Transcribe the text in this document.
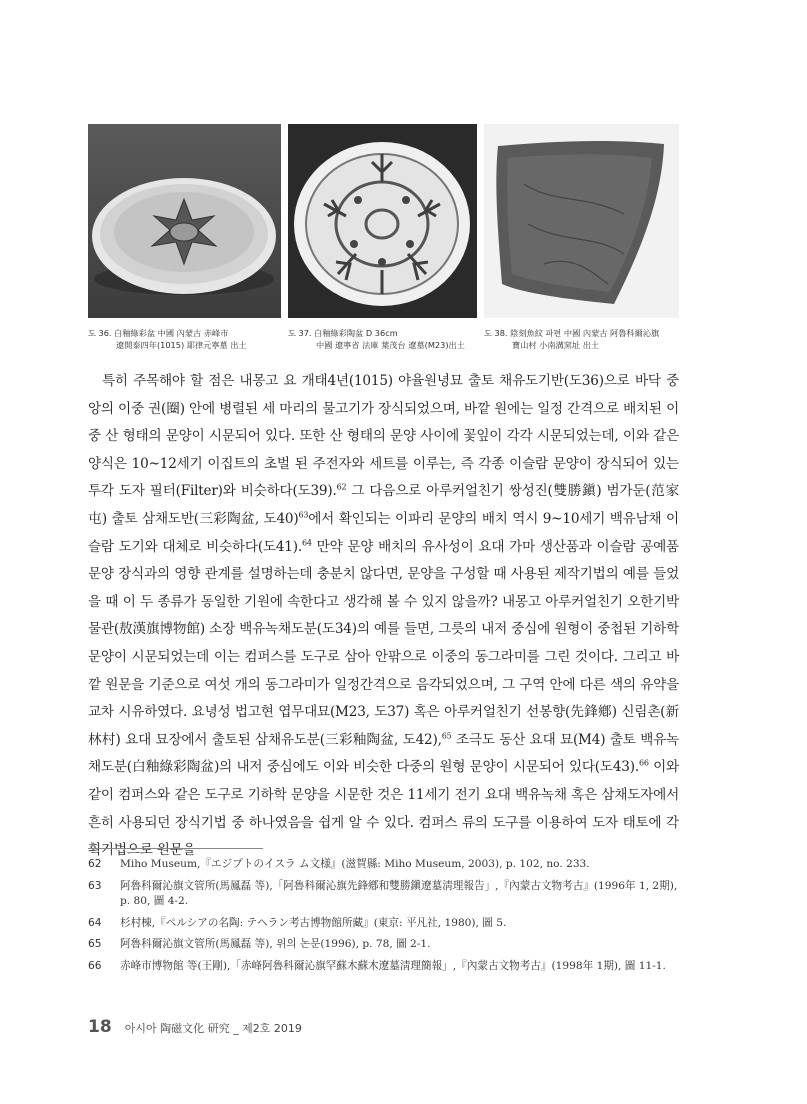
도 36. 白釉綠彩盆 中國 內蒙古 赤峰市
遼開泰四年(1015) 耶律元寧墓 出土
도 37. 白釉綠彩陶盆 D 36cm
中國 遼寧省 法庫 葉茂台 遼墓(M23)出土
도 38. 陰刻魚紋 파편 中國 內蒙古 阿魯科爾沁旗
寶山村 小南溝窯址 出土

특히 주목해야 할 점은 내몽고 요 개태4년(1015) 야율원녕묘 출토 채유도기반(도36)으로 바닥 중앙의 이중 권(圈) 안에 병렬된 세 마리의 물고기가 장식되었으며, 바깥 원에는 일정 간격으로 배치된 이중 산 형태의 문양이 시문되어 있다. 또한 산 형태의 문양 사이에 꽃잎이 각각 시문되었는데, 이와 같은 양식은 10~12세기 이집트의 초벌 된 주전자와 세트를 이루는, 즉 각종 이슬람 문양이 장식되어 있는 투각 도자 필터(Filter)와 비슷하다(도39).$^{62}$ 그 다음으로 아루커얼친기 쌍성진(雙勝鎭) 범가둔(范家屯) 출토 삼채도반(三彩陶盆, 도40)$^{63}$에서 확인되는 이파리 문양의 배치 역시 9~10세기 백유남채 이슬람 도기와 대체로 비슷하다(도41).$^{64}$ 만약 문양 배치의 유사성이 요대 가마 생산품과 이슬람 공예품 문양 장식과의 영향 관계를 설명하는데 충분치 않다면, 문양을 구성할 때 사용된 제작기법의 예를 들었을 때 이 두 종류가 동일한 기원에 속한다고 생각해 볼 수 있지 않을까? 내몽고 아루커얼친기 오한기박물관(敖漢旗博物館) 소장 백유녹채도분(도34)의 예를 들면, 그릇의 내저 중심에 원형이 중첩된 기하학 문양이 시문되었는데 이는 컴퍼스를 도구로 삼아 안팎으로 이중의 동그라미를 그린 것이다. 그리고 바깥 원문을 기준으로 여섯 개의 동그라미가 일정간격으로 음각되었으며, 그 구역 안에 다른 색의 유약을 교차 시유하였다. 요녕성 법고현 엽무대묘(M23, 도37) 혹은 아루커얼친기 선봉향(先鋒鄕) 신림촌(新林村) 요대 묘장에서 출토된 삼채유도분(三彩釉陶盆, 도42),$^{65}$ 조극도 동산 요대 묘(M4) 출토 백유녹채도분(白釉綠彩陶盆)의 내저 중심에도 이와 비슷한 다중의 원형 문양이 시문되어 있다(도43).$^{66}$ 이와 같이 컴퍼스와 같은 도구로 기하학 문양을 시문한 것은 11세기 전기 요대 백유녹채 혹은 삼채도자에서 흔히 사용되던 장식기법 중 하나였음을 쉽게 알 수 있다. 컴퍼스 류의 도구를 이용하여 도자 태토에 각획기법으로 원문을

62	Miho Museum,『エジプトのイスラ ム文様』(滋賀縣: Miho Museum, 2003), p. 102, no. 233.
63	阿魯科爾沁旗文管所(馬鳳磊 等),「阿魯科爾沁旗先鋒鄕和雙勝鎭遼墓淸理報告」,『內蒙古文物考古』(1996年 1, 2期), p. 80, 圖 4-2.
64	杉村棟,『ペルシアの名陶: テヘラン考古博物館所藏』(東京: 平凡社, 1980), 圖 5.
65	阿魯科爾沁旗文管所(馬鳳磊 等), 위의 논문(1996), p. 78, 圖 2-1.
66	赤峰市博物館 等(王剛),「赤峰阿魯科爾沁旗罕蘇木蘇木遼墓淸理簡報」,『內蒙古文物考古』(1998年 1期), 圖 11-1.
18 아시아 陶磁文化 研究 _ 제2호 2019
